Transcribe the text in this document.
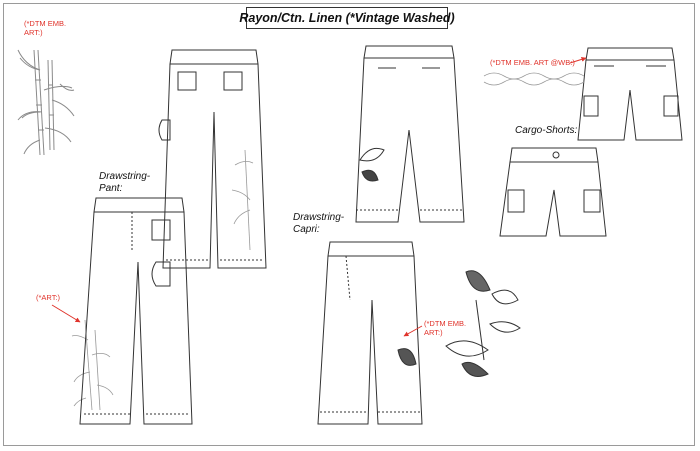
Rayon/Ctn. Linen (*Vintage Washed)
(*DTM EMB.
ART:)
(*ART:)
(*DTM EMB. ART @WB:)
(*DTM EMB.
ART:)
Drawstring-
Pant:
Drawstring-
Capri:
Cargo-Shorts:
